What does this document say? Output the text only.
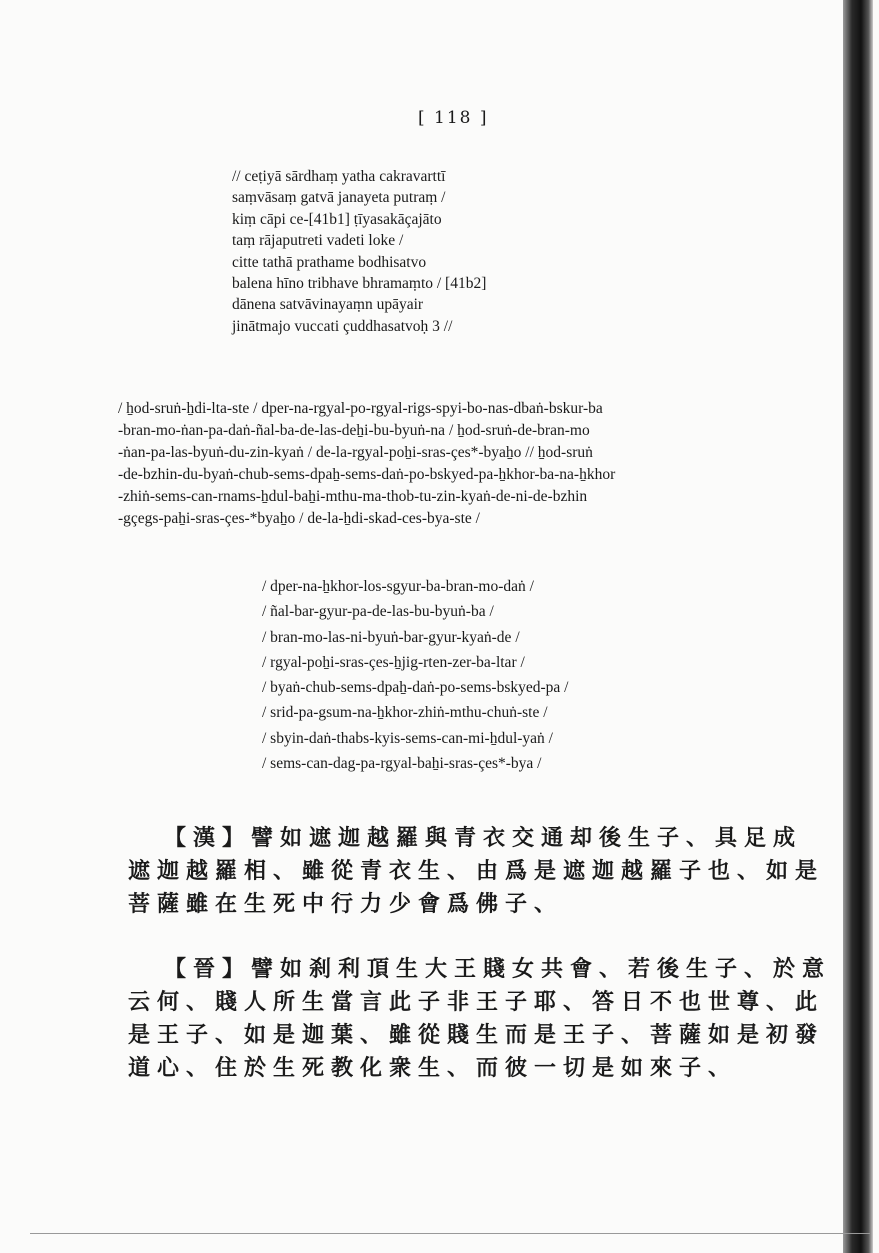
[ 118 ]
// ceṭiyā sārdhaṃ yatha cakravarttī
saṃvāsaṃ gatvā janayeta putraṃ /
kiṃ cāpi ce-[41b1] ṭīyasakāçajāto
taṃ rājaputreti vadeti loke /
citte tathā prathame bodhisatvo
balena hīno tribhave bhramaṃto / [41b2]
dānena satvāvinayaṃn upāyair
jinātmajo vuccati çuddhasatvoḥ 3 //
/ ẖod-sruṅ-ẖdi-lta-ste / dper-na-rgyal-po-rgyal-rigs-spyi-bo-nas-dbaṅ-bskur-ba
-bran-mo-ṅan-pa-daṅ-ñal-ba-de-las-deẖi-bu-byuṅ-na / ẖod-sruṅ-de-bran-mo
-ṅan-pa-las-byuṅ-du-zin-kyaṅ / de-la-rgyal-poẖi-sras-çes*-byaẖo // ẖod-sruṅ
-de-bzhin-du-byaṅ-chub-sems-dpaẖ-sems-daṅ-po-bskyed-pa-ẖkhor-ba-na-ẖkhor
-zhiṅ-sems-can-rnams-ẖdul-baẖi-mthu-ma-thob-tu-zin-kyaṅ-de-ni-de-bzhin
-gçegs-paẖi-sras-çes-*byaẖo / de-la-ẖdi-skad-ces-bya-ste /
/ dper-na-ẖkhor-los-sgyur-ba-bran-mo-daṅ /
/ ñal-bar-gyur-pa-de-las-bu-byuṅ-ba /
/ bran-mo-las-ni-byuṅ-bar-gyur-kyaṅ-de /
/ rgyal-poẖi-sras-çes-ẖjig-rten-zer-ba-ltar /
/ byaṅ-chub-sems-dpaẖ-daṅ-po-sems-bskyed-pa /
/ srid-pa-gsum-na-ẖkhor-zhiṅ-mthu-chuṅ-ste /
/ sbyin-daṅ-thabs-kyis-sems-can-mi-ẖdul-yaṅ /
/ sems-can-dag-pa-rgyal-baẖi-sras-çes*-bya /
【漢】譬如遮迦越羅與青衣交通却後生子、具足成
遮迦越羅相、雖從青衣生、由爲是遮迦越羅子也、如是
菩薩雖在生死中行力少會爲佛子、
【晉】譬如刹利頂生大王賤女共會、若後生子、於意
云何、賤人所生當言此子非王子耶、答日不也世尊、此
是王子、如是迦葉、雖從賤生而是王子、菩薩如是初發
道心、住於生死教化衆生、而彼一切是如來子、
